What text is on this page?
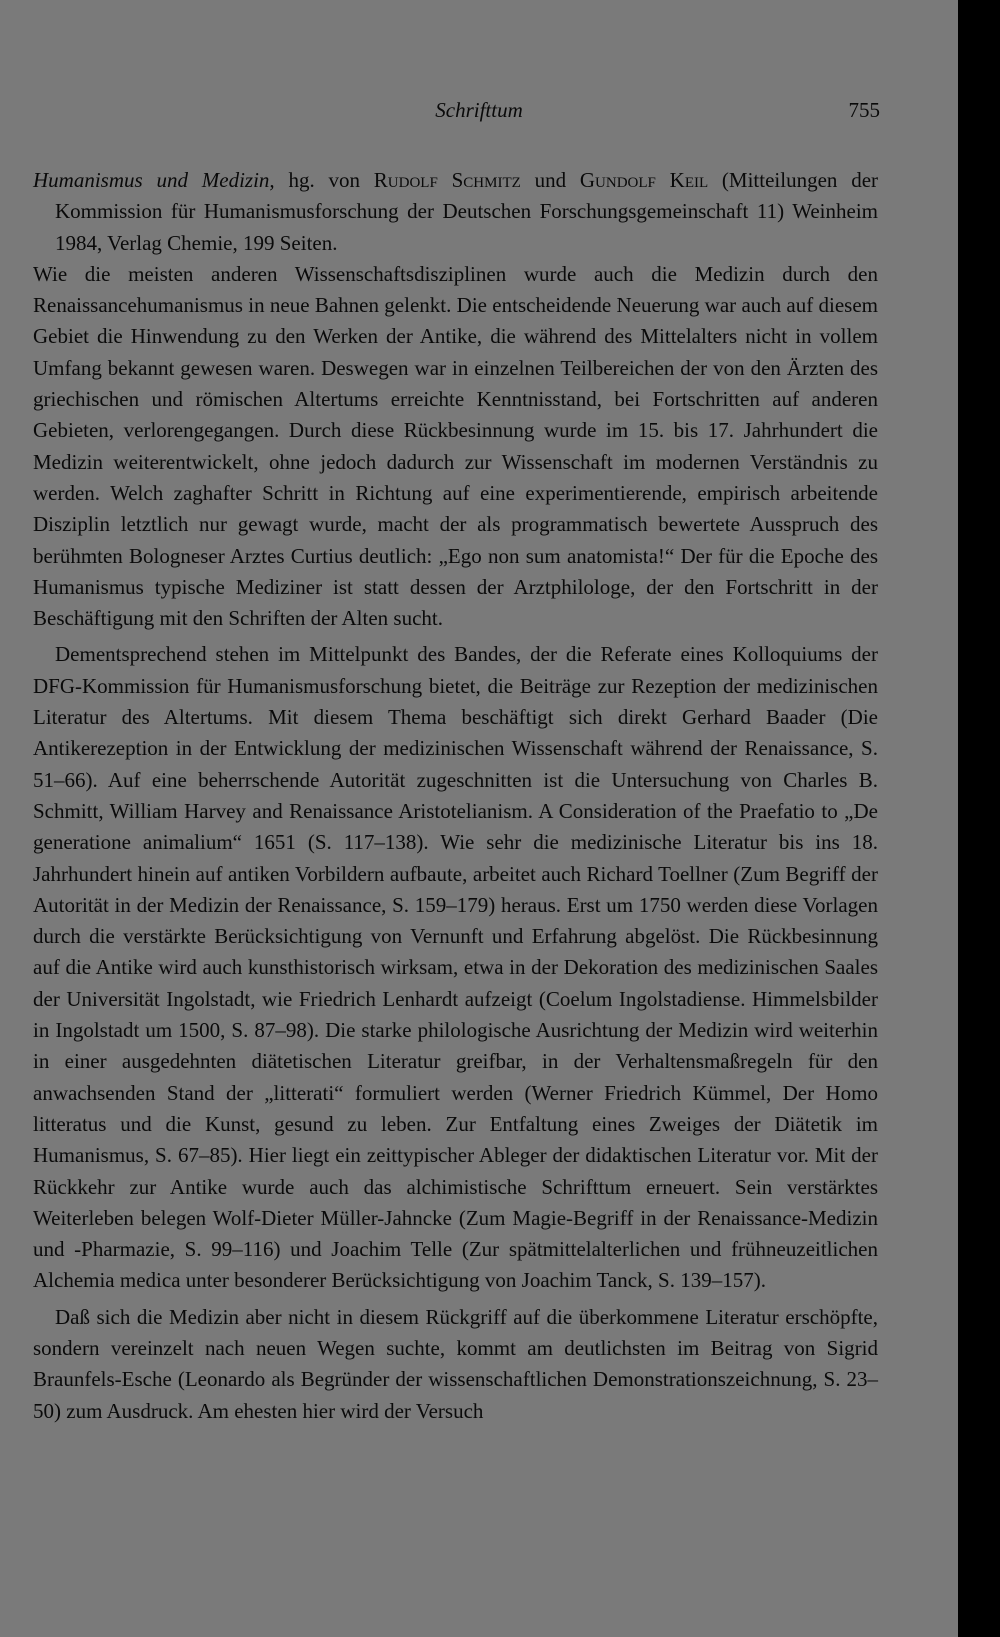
Schrifttum	755

Humanismus und Medizin, hg. von Rudolf Schmitz und Gundolf Keil (Mitteilungen der Kommission für Humanismusforschung der Deutschen Forschungsgemeinschaft 11) Weinheim 1984, Verlag Chemie, 199 Seiten.

Wie die meisten anderen Wissenschaftsdisziplinen wurde auch die Medizin durch den Renaissancehumanismus in neue Bahnen gelenkt. Die entscheidende Neuerung war auch auf diesem Gebiet die Hinwendung zu den Werken der Antike, die während des Mittelalters nicht in vollem Umfang bekannt gewesen waren. Deswegen war in einzelnen Teilbereichen der von den Ärzten des griechischen und römischen Altertums erreichte Kenntnisstand, bei Fortschritten auf anderen Gebieten, verlorengegangen. Durch diese Rückbesinnung wurde im 15. bis 17. Jahrhundert die Medizin weiterentwickelt, ohne jedoch dadurch zur Wissenschaft im modernen Verständnis zu werden. Welch zaghafter Schritt in Richtung auf eine experimentierende, empirisch arbeitende Disziplin letztlich nur gewagt wurde, macht der als programmatisch bewertete Ausspruch des berühmten Bologneser Arztes Curtius deutlich: „Ego non sum anatomista!“ Der für die Epoche des Humanismus typische Mediziner ist statt dessen der Arztphilologe, der den Fortschritt in der Beschäftigung mit den Schriften der Alten sucht.

Dementsprechend stehen im Mittelpunkt des Bandes, der die Referate eines Kolloquiums der DFG-Kommission für Humanismusforschung bietet, die Beiträge zur Rezeption der medizinischen Literatur des Altertums. Mit diesem Thema beschäftigt sich direkt Gerhard Baader (Die Antikerezeption in der Entwicklung der medizinischen Wissenschaft während der Renaissance, S. 51–66). Auf eine beherrschende Autorität zugeschnitten ist die Untersuchung von Charles B. Schmitt, William Harvey and Renaissance Aristotelianism. A Consideration of the Praefatio to „De generatione animalium“ 1651 (S. 117–138). Wie sehr die medizinische Literatur bis ins 18. Jahrhundert hinein auf antiken Vorbildern aufbaute, arbeitet auch Richard Toellner (Zum Begriff der Autorität in der Medizin der Renaissance, S. 159–179) heraus. Erst um 1750 werden diese Vorlagen durch die verstärkte Berücksichtigung von Vernunft und Erfahrung abgelöst. Die Rückbesinnung auf die Antike wird auch kunsthistorisch wirksam, etwa in der Dekoration des medizinischen Saales der Universität Ingolstadt, wie Friedrich Lenhardt aufzeigt (Coelum Ingolstadiense. Himmelsbilder in Ingolstadt um 1500, S. 87–98). Die starke philologische Ausrichtung der Medizin wird weiterhin in einer ausgedehnten diätetischen Literatur greifbar, in der Verhaltensmaßregeln für den anwachsenden Stand der „litterati“ formuliert werden (Werner Friedrich Kümmel, Der Homo litteratus und die Kunst, gesund zu leben. Zur Entfaltung eines Zweiges der Diätetik im Humanismus, S. 67–85). Hier liegt ein zeittypischer Ableger der didaktischen Literatur vor. Mit der Rückkehr zur Antike wurde auch das alchimistische Schrifttum erneuert. Sein verstärktes Weiterleben belegen Wolf-Dieter Müller-Jahncke (Zum Magie-Begriff in der Renaissance-Medizin und -Pharmazie, S. 99–116) und Joachim Telle (Zur spätmittelalterlichen und frühneuzeitlichen Alchemia medica unter besonderer Berücksichtigung von Joachim Tanck, S. 139–157).

Daß sich die Medizin aber nicht in diesem Rückgriff auf die überkommene Literatur erschöpfte, sondern vereinzelt nach neuen Wegen suchte, kommt am deutlichsten im Beitrag von Sigrid Braunfels-Esche (Leonardo als Begründer der wissenschaftlichen Demonstrationszeichnung, S. 23–50) zum Ausdruck. Am ehesten hier wird der Versuch
